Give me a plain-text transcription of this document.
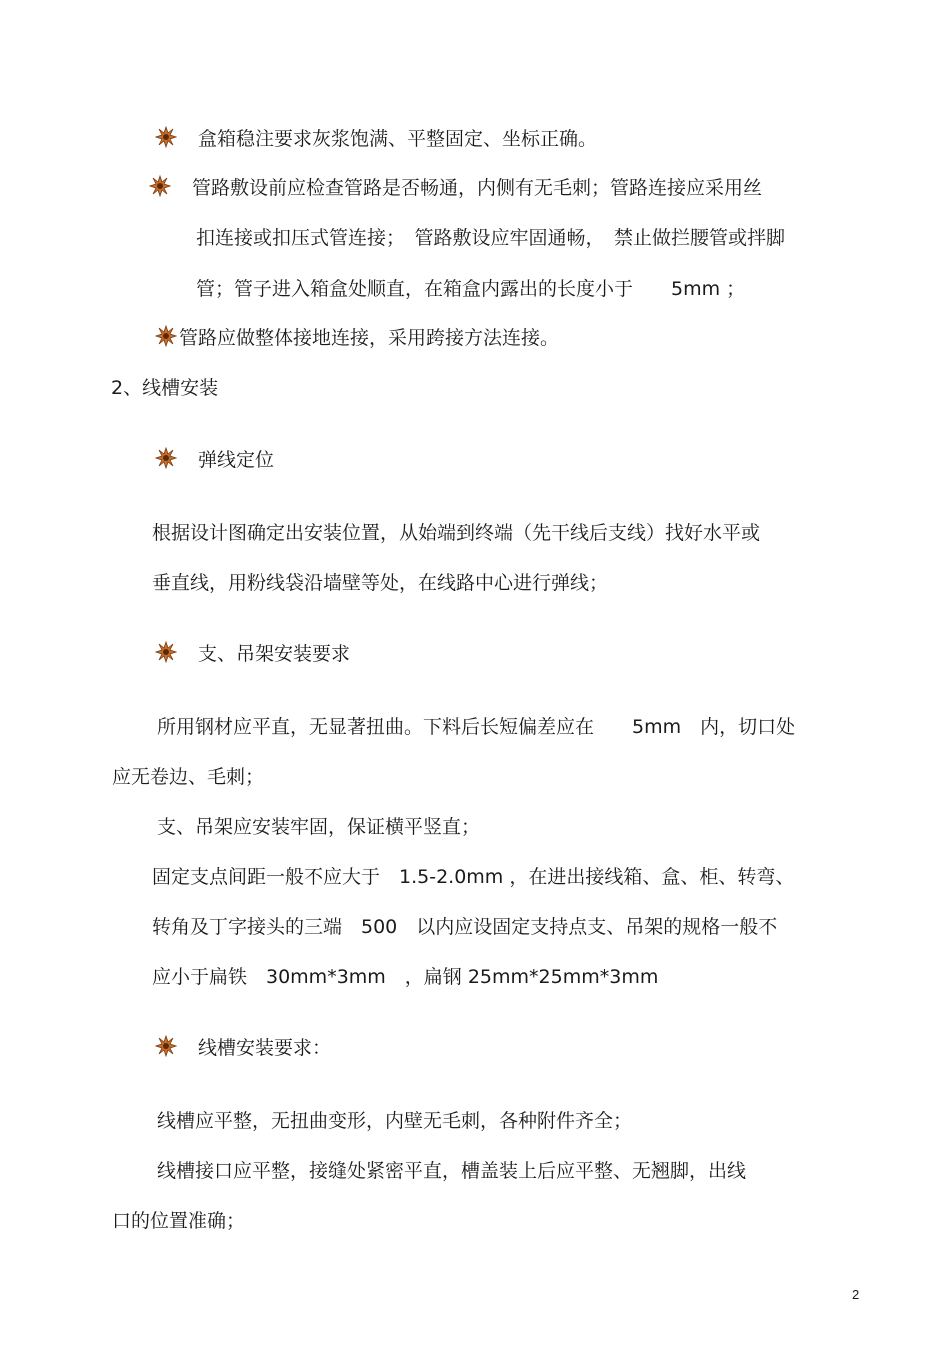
盒箱稳注要求灰浆饱满、平整固定、坐标正确。
管路敷设前应检查管路是否畅通，内侧有无毛刺；管路连接应采用丝
扣连接或扣压式管连接；　管路敷设应牢固通畅，　禁止做拦腰管或拌脚
管；管子进入箱盒处顺直，在箱盒内露出的长度小于　　5mm ；
管路应做整体接地连接，采用跨接方法连接。
2、线槽安装
弹线定位
根据设计图确定出安装位置，从始端到终端（先干线后支线）找好水平或
垂直线，用粉线袋沿墙壁等处，在线路中心进行弹线；
支、吊架安装要求
所用钢材应平直，无显著扭曲。下料后长短偏差应在　　5mm　内，切口处
应无卷边、毛刺；
支、吊架应安装牢固，保证横平竖直；
固定支点间距一般不应大于　1.5-2.0mm ，在进出接线箱、盒、柜、转弯、
转角及丁字接头的三端　500　以内应设固定支持点支、吊架的规格一般不
应小于扁铁　30mm*3mm　，扁钢 25mm*25mm*3mm
线槽安装要求：
线槽应平整，无扭曲变形，内壁无毛刺，各种附件齐全；
线槽接口应平整，接缝处紧密平直，槽盖装上后应平整、无翘脚，出线
口的位置准确；
2
